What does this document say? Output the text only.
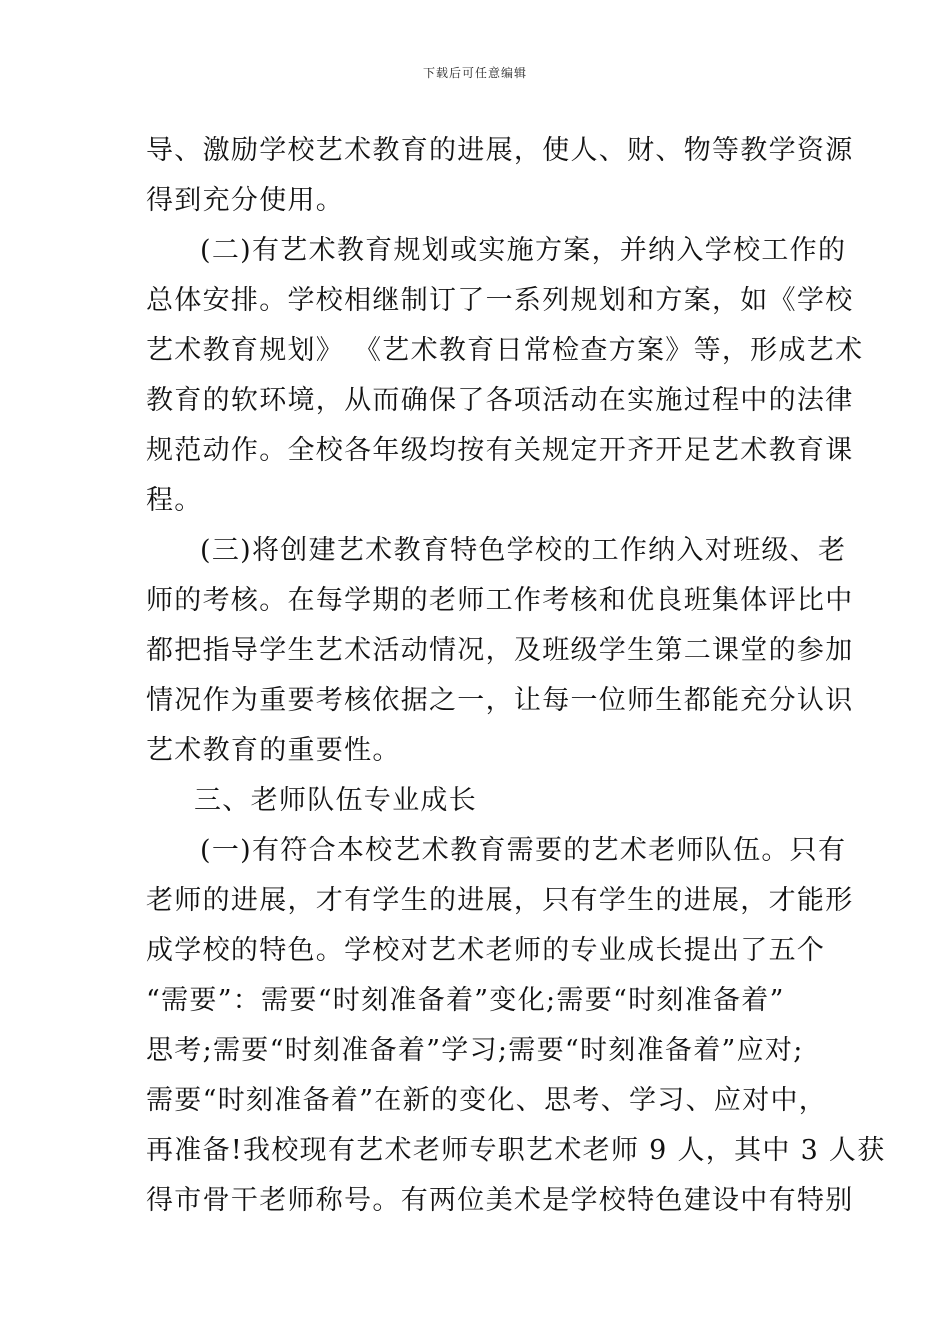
下载后可任意编辑
导、激励学校艺术教育的进展，使人、财、物等教学资源
得到充分使用。
(二)有艺术教育规划或实施方案，并纳入学校工作的
总体安排。学校相继制订了一系列规划和方案，如《学校
艺术教育规划》 《艺术教育日常检查方案》等，形成艺术
教育的软环境，从而确保了各项活动在实施过程中的法律
规范动作。全校各年级均按有关规定开齐开足艺术教育课
程。
(三)将创建艺术教育特色学校的工作纳入对班级、老
师的考核。在每学期的老师工作考核和优良班集体评比中
都把指导学生艺术活动情况，及班级学生第二课堂的参加
情况作为重要考核依据之一，让每一位师生都能充分认识
艺术教育的重要性。
三、老师队伍专业成长
(一)有符合本校艺术教育需要的艺术老师队伍。只有
老师的进展，才有学生的进展，只有学生的进展，才能形
成学校的特色。学校对艺术老师的专业成长提出了五个
“需要”：需要“时刻准备着”变化;需要“时刻准备着”
思考;需要“时刻准备着”学习;需要“时刻准备着”应对;
需要“时刻准备着”在新的变化、思考、学习、应对中，
再准备!我校现有艺术老师专职艺术老师 9 人，其中 3 人获
得市骨干老师称号。有两位美术是学校特色建设中有特别
